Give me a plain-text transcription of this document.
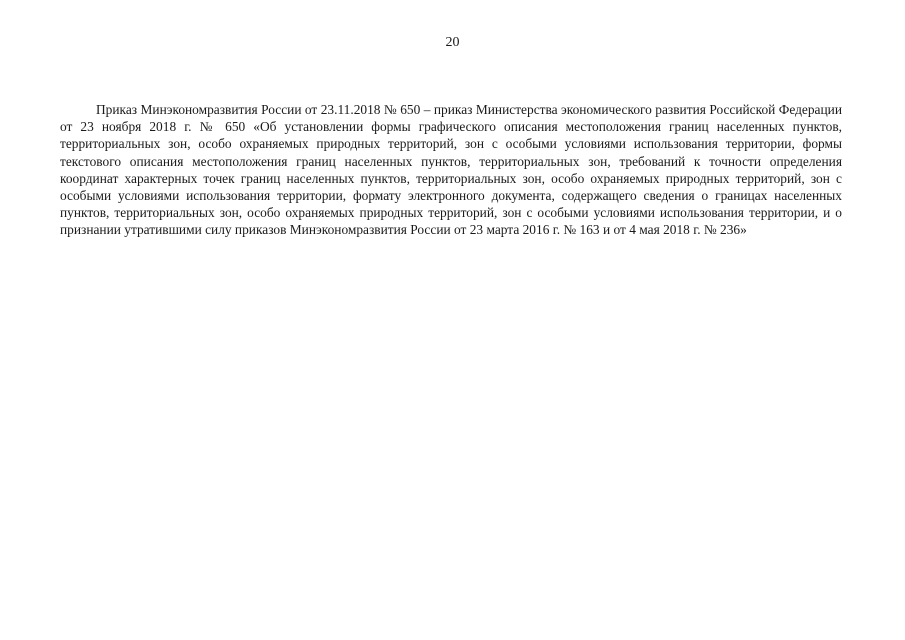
20

Приказ Минэкономразвития России от 23.11.2018 № 650 – приказ Министерства экономического развития Российской Федерации от 23 ноября 2018 г. № 650 «Об установлении формы графического описания местоположения границ населенных пунктов, территориальных зон, особо охраняемых природных территорий, зон с особыми условиями использования территории, формы текстового описания местоположения границ населенных пунктов, территориальных зон, требований к точности определения координат характерных точек границ населенных пунктов, территориальных зон, особо охраняемых природных территорий, зон с особыми условиями использования территории, формату электронного документа, содержащего сведения о границах населенных пунктов, территориальных зон, особо охраняемых природных территорий, зон с особыми условиями использования территории, и о признании утратившими силу приказов Минэкономразвития России от 23 марта 2016 г. № 163 и от 4 мая 2018 г. № 236»
